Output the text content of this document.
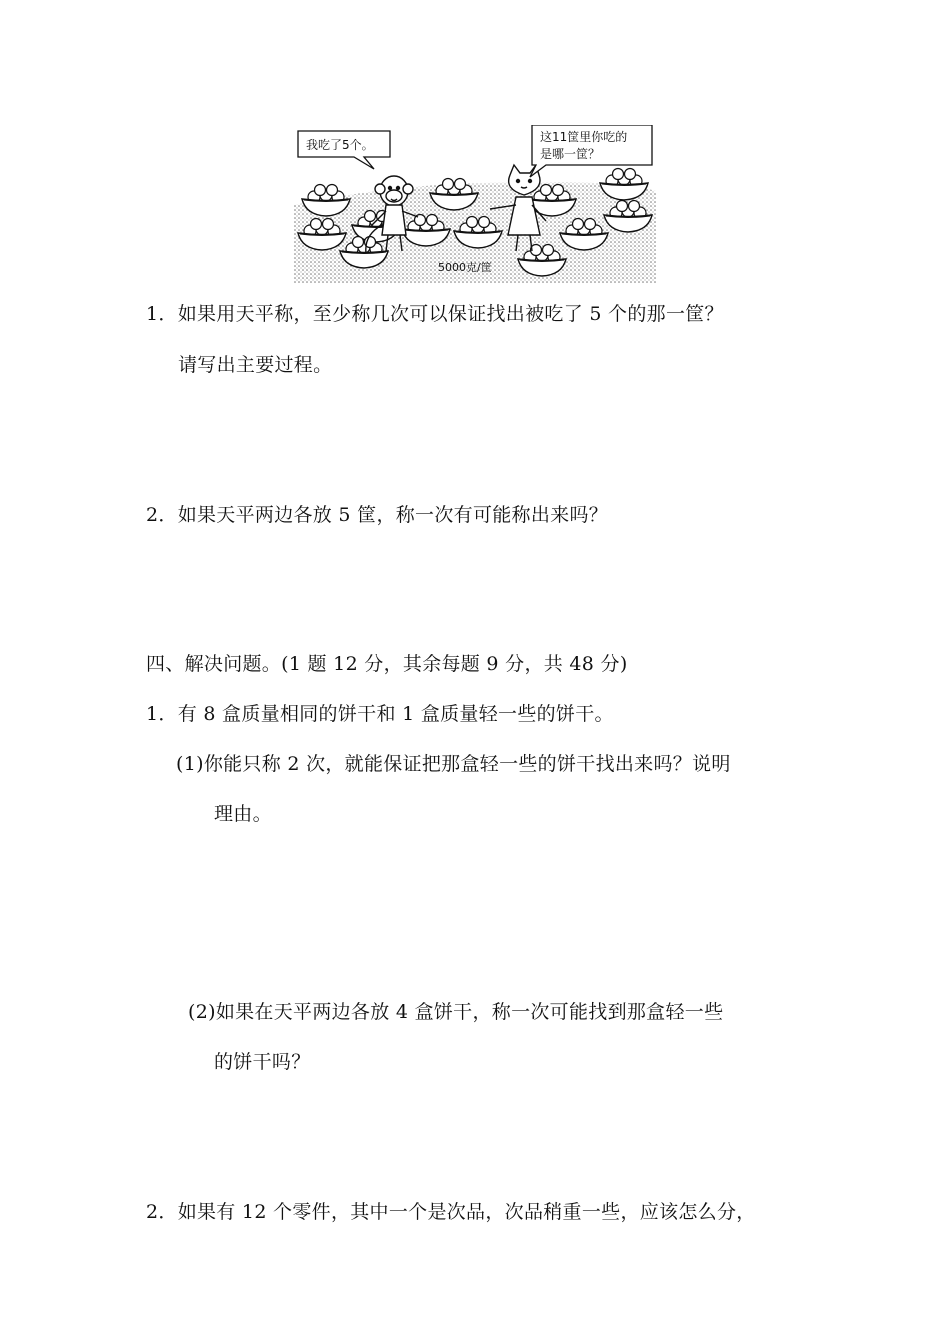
我吃了5个。
这11筐里你吃的
是哪一筐？
5000克/筐
1．如果用天平称，至少称几次可以保证找出被吃了 5 个的那一筐？
请写出主要过程。
2．如果天平两边各放 5 筐，称一次有可能称出来吗？
四、解决问题。(1 题 12 分，其余每题 9 分，共 48 分)
1．有 8 盒质量相同的饼干和 1 盒质量轻一些的饼干。
(1)你能只称 2 次，就能保证把那盒轻一些的饼干找出来吗？说明
理由。
(2)如果在天平两边各放 4 盒饼干，称一次可能找到那盒轻一些
的饼干吗？
2．如果有 12 个零件，其中一个是次品，次品稍重一些，应该怎么分，
